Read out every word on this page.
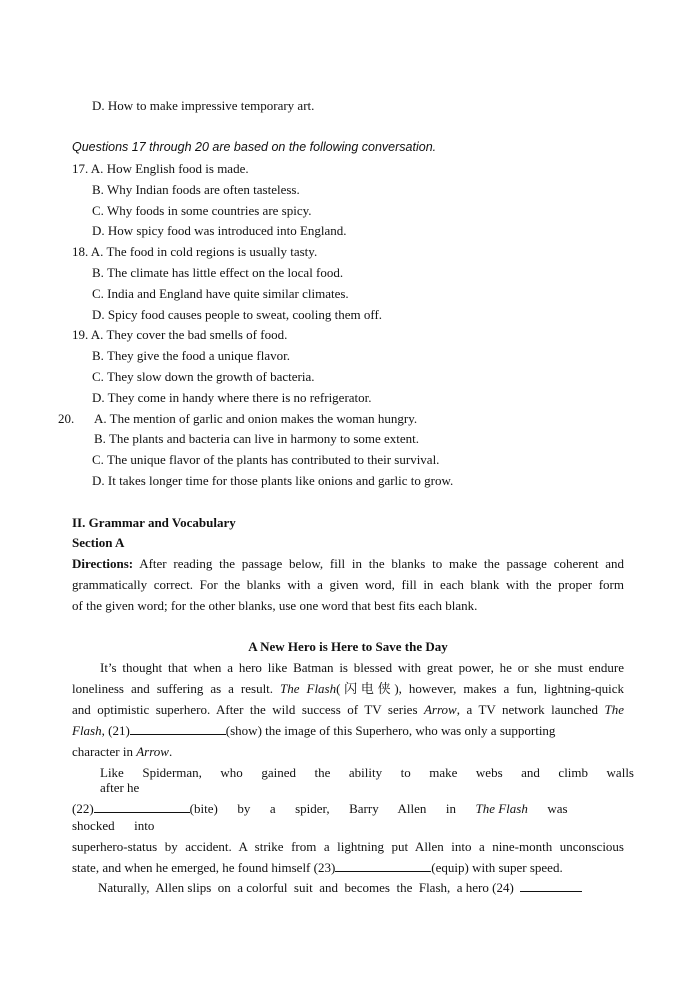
D. How to make impressive temporary art.
Questions 17 through 20 are based on the following conversation.
17. A. How English food is made.
B. Why Indian foods are often tasteless.
C. Why foods in some countries are spicy.
D. How spicy food was introduced into England.
18. A. The food in cold regions is usually tasty.
B. The climate has little effect on the local food.
C. India and England have quite similar climates.
D. Spicy food causes people to sweat, cooling them off.
19. A. They cover the bad smells of food.
B. They give the food a unique flavor.
C. They slow down the growth of bacteria.
D. They come in handy where there is no refrigerator.
20. A. The mention of garlic and onion makes the woman hungry.
B. The plants and bacteria can live in harmony to some extent.
C. The unique flavor of the plants has contributed to their survival.
D. It takes longer time for those plants like onions and garlic to grow.
II. Grammar and Vocabulary
Section A
Directions: After reading the passage below, fill in the blanks to make the passage coherent and
grammatically correct. For the blanks with a given word, fill in each blank with the proper form
of the given word; for the other blanks, use one word that best fits each blank.
A New Hero is Here to Save the Day
It’s thought that when a hero like Batman is blessed with great power, he or she must endure
loneliness and suffering as a result. The Flash(闪电侠), however, makes a fun, lightning-quick
and optimistic superhero. After the wild success of TV series Arrow, a TV network launched The
Flash, (21)	(show) the image of this Superhero, who was only a supporting
character in Arrow.
Like Spiderman, who gained the ability to make webs and climb walls
after he
(22)	(bite)      by      a      spider,      Barry      Allen      in      The Flash      was
shocked      into
superhero-status by accident. A strike from a lightning put Allen into a nine-month unconscious
state, and when he emerged, he found himself (23)	(equip) with super speed.
Naturally,  Allen slips  on  a colorful  suit  and  becomes  the  Flash,  a hero (24)
